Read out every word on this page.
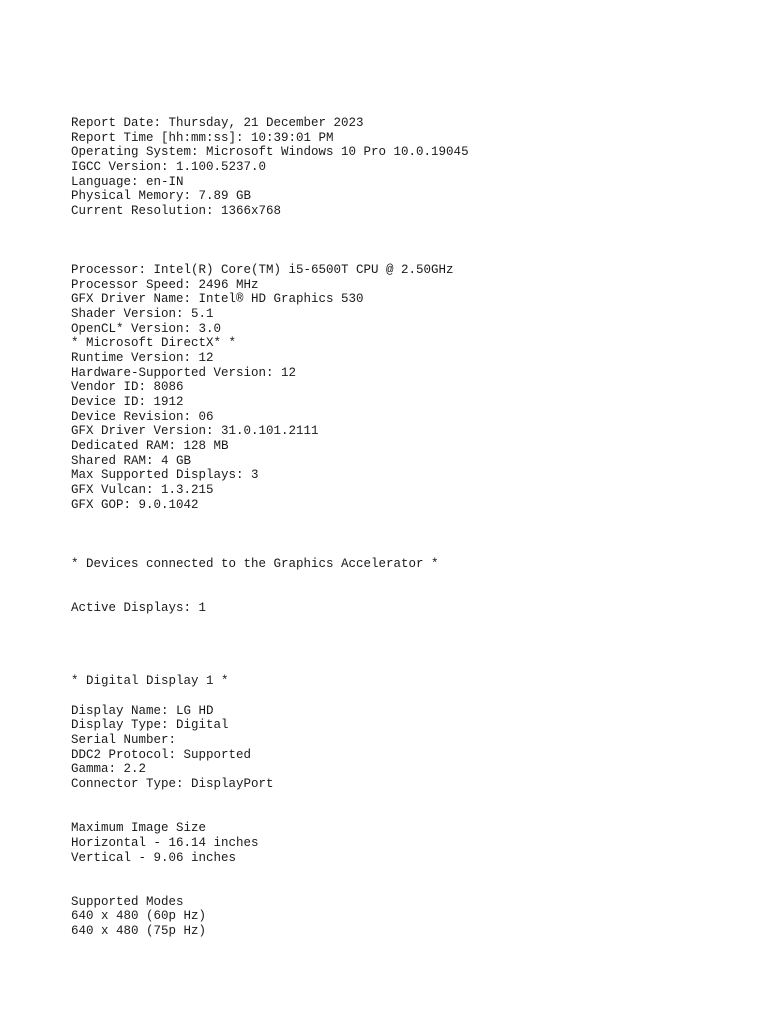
Report Date: Thursday, 21 December 2023
Report Time [hh:mm:ss]: 10:39:01 PM
Operating System: Microsoft Windows 10 Pro 10.0.19045
IGCC Version: 1.100.5237.0
Language: en-IN
Physical Memory: 7.89 GB
Current Resolution: 1366x768
Processor: Intel(R) Core(TM) i5-6500T CPU @ 2.50GHz
Processor Speed: 2496 MHz
GFX Driver Name: Intel® HD Graphics 530
Shader Version: 5.1
OpenCL* Version: 3.0
* Microsoft DirectX* *
Runtime Version: 12
Hardware-Supported Version: 12
Vendor ID: 8086
Device ID: 1912
Device Revision: 06
GFX Driver Version: 31.0.101.2111
Dedicated RAM: 128 MB
Shared RAM: 4 GB
Max Supported Displays: 3
GFX Vulcan: 1.3.215
GFX GOP: 9.0.1042
* Devices connected to the Graphics Accelerator *
Active Displays: 1
* Digital Display 1 *
Display Name: LG HD
Display Type: Digital
Serial Number:
DDC2 Protocol: Supported
Gamma: 2.2
Connector Type: DisplayPort
Maximum Image Size
Horizontal - 16.14 inches
Vertical - 9.06 inches
Supported Modes
640 x 480 (60p Hz)
640 x 480 (75p Hz)
